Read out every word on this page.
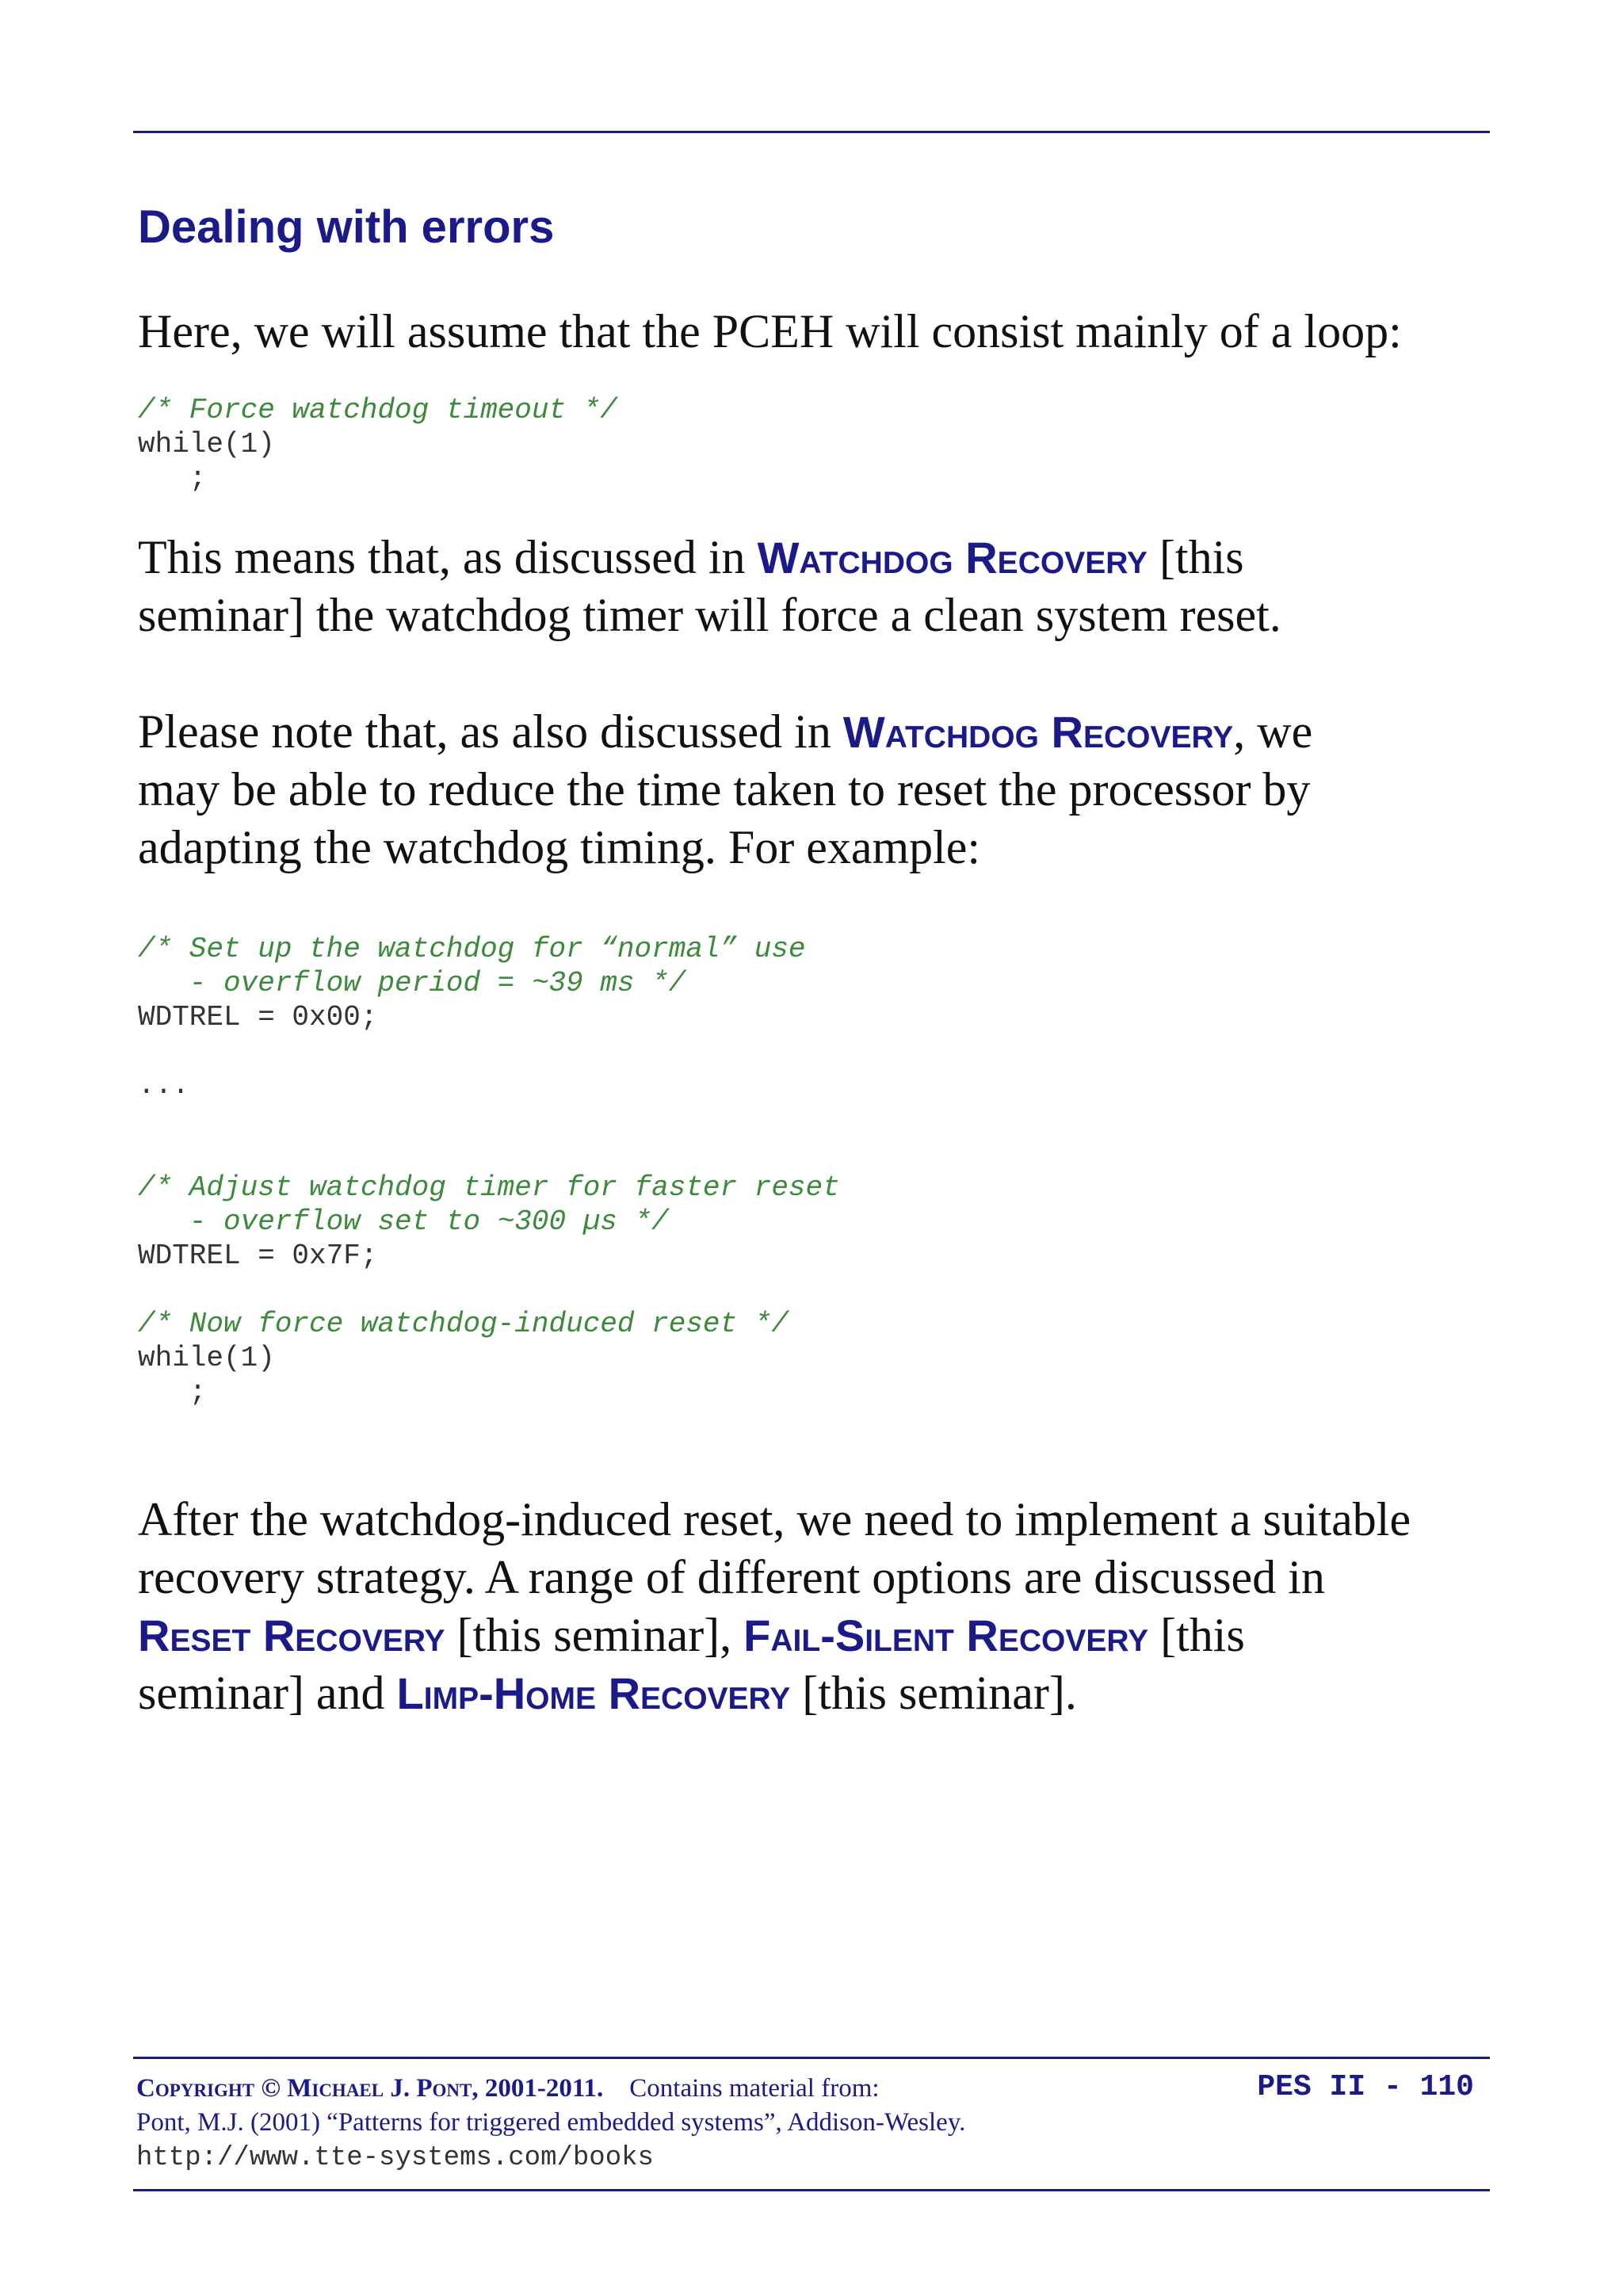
Dealing with errors

Here, we will assume that the PCEH will consist mainly of a loop:

/* Force watchdog timeout */
while(1)
;

This means that, as discussed in Watchdog Recovery [this
seminar] the watchdog timer will force a clean system reset.

Please note that, as also discussed in Watchdog Recovery, we
may be able to reduce the time taken to reset the processor by
adapting the watchdog timing. For example:

/* Set up the watchdog for “normal” use
- overflow period = ~39 ms */
WDTREL = 0x00;

...

/* Adjust watchdog timer for faster reset
- overflow set to ~300 µs */
WDTREL = 0x7F;

/* Now force watchdog-induced reset */
while(1)
;

After the watchdog-induced reset, we need to implement a suitable
recovery strategy. A range of different options are discussed in
Reset Recovery [this seminar], Fail-Silent Recovery [this
seminar] and Limp-Home Recovery [this seminar].

Copyright © Michael J. Pont, 2001-2011. Contains material from:
Pont, M.J. (2001) “Patterns for triggered embedded systems”, Addison-Wesley.
http://www.tte-systems.com/books

PES II - 110
